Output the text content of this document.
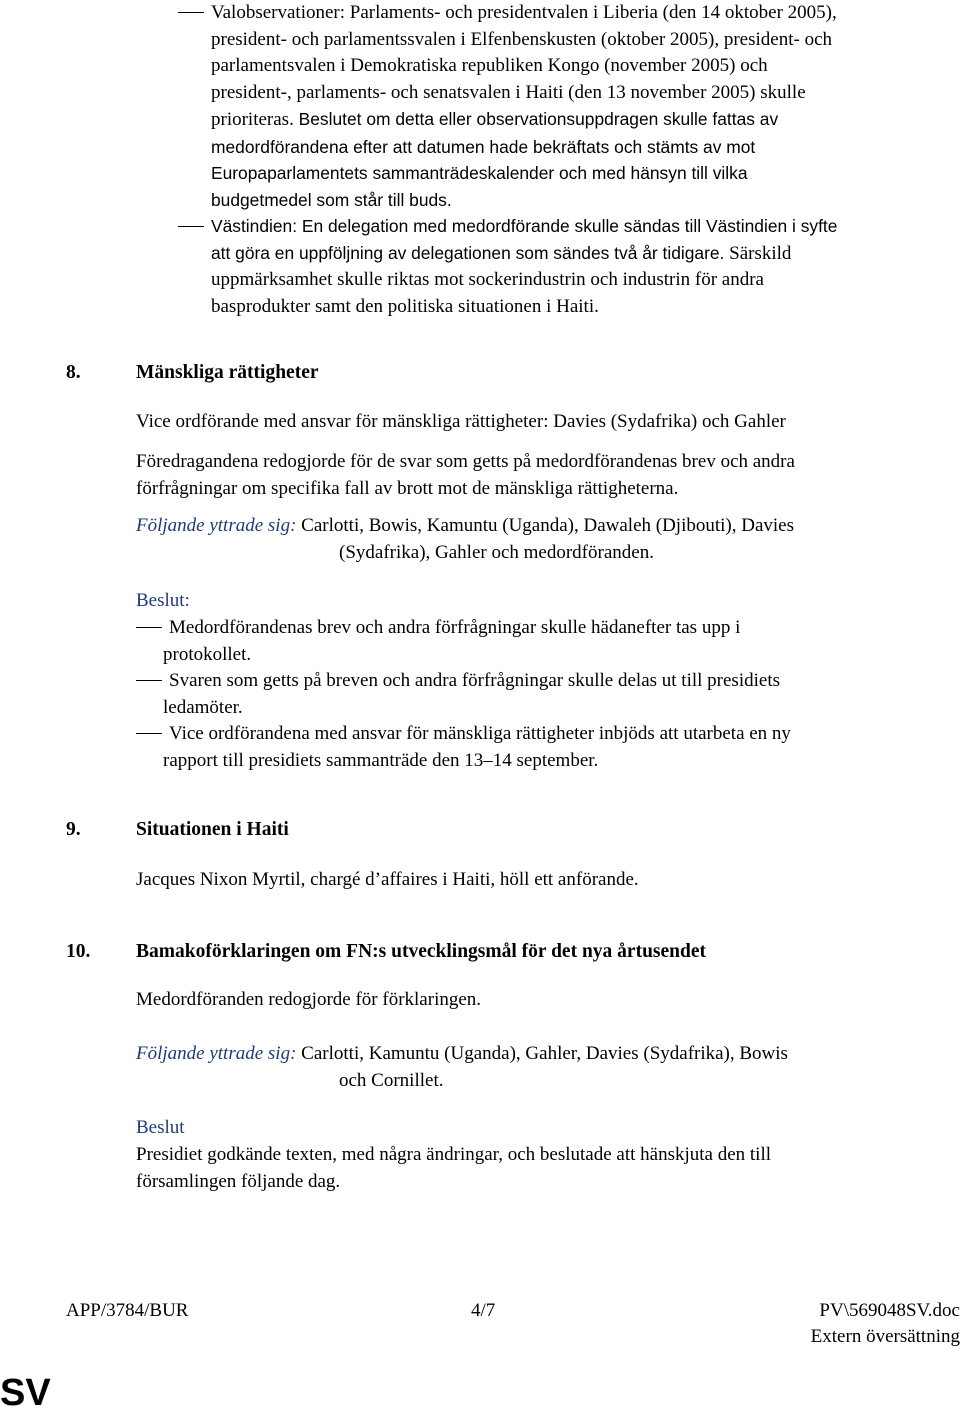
Valobservationer: Parlaments- och presidentvalen i Liberia (den 14 oktober 2005),
president- och parlamentssvalen i Elfenbenskusten (oktober 2005), president- och
parlamentsvalen i Demokratiska republiken Kongo (november 2005) och
president-, parlaments- och senatsvalen i Haiti (den 13 november 2005) skulle
prioriteras. Beslutet om detta eller observationsuppdragen skulle fattas av
medordförandena efter att datumen hade bekräftats och stämts av mot
Europaparlamentets sammanträdeskalender och med hänsyn till vilka
budgetmedel som står till buds.
Västindien: En delegation med medordförande skulle sändas till Västindien i syfte
att göra en uppföljning av delegationen som sändes två år tidigare. Särskild
uppmärksamhet skulle riktas mot sockerindustrin och industrin för andra
basprodukter samt den politiska situationen i Haiti.
8.	Mänskliga rättigheter
Vice ordförande med ansvar för mänskliga rättigheter: Davies (Sydafrika) och Gahler
Föredragandena redogjorde för de svar som getts på medordförandenas brev och andra
förfrågningar om specifika fall av brott mot de mänskliga rättigheterna.
Följande yttrade sig: Carlotti, Bowis, Kamuntu (Uganda), Dawaleh (Djibouti), Davies
(Sydafrika), Gahler och medordföranden.
Beslut:
Medordförandenas brev och andra förfrågningar skulle hädanefter tas upp i
protokollet.
Svaren som getts på breven och andra förfrågningar skulle delas ut till presidiets
ledamöter.
Vice ordförandena med ansvar för mänskliga rättigheter inbjöds att utarbeta en ny
rapport till presidiets sammanträde den 13–14 september.
9.	Situationen i Haiti
Jacques Nixon Myrtil, chargé d’affaires i Haiti, höll ett anförande.
10. Bamakoförklaringen om FN:s utvecklingsmål för det nya årtusendet
Medordföranden redogjorde för förklaringen.
Följande yttrade sig: Carlotti, Kamuntu (Uganda), Gahler, Davies (Sydafrika), Bowis
och Cornillet.
Beslut
Presidiet godkände texten, med några ändringar, och beslutade att hänskjuta den till
församlingen följande dag.
APP/3784/BUR	4/7	PV\569048SV.doc
Extern översättning
SV
